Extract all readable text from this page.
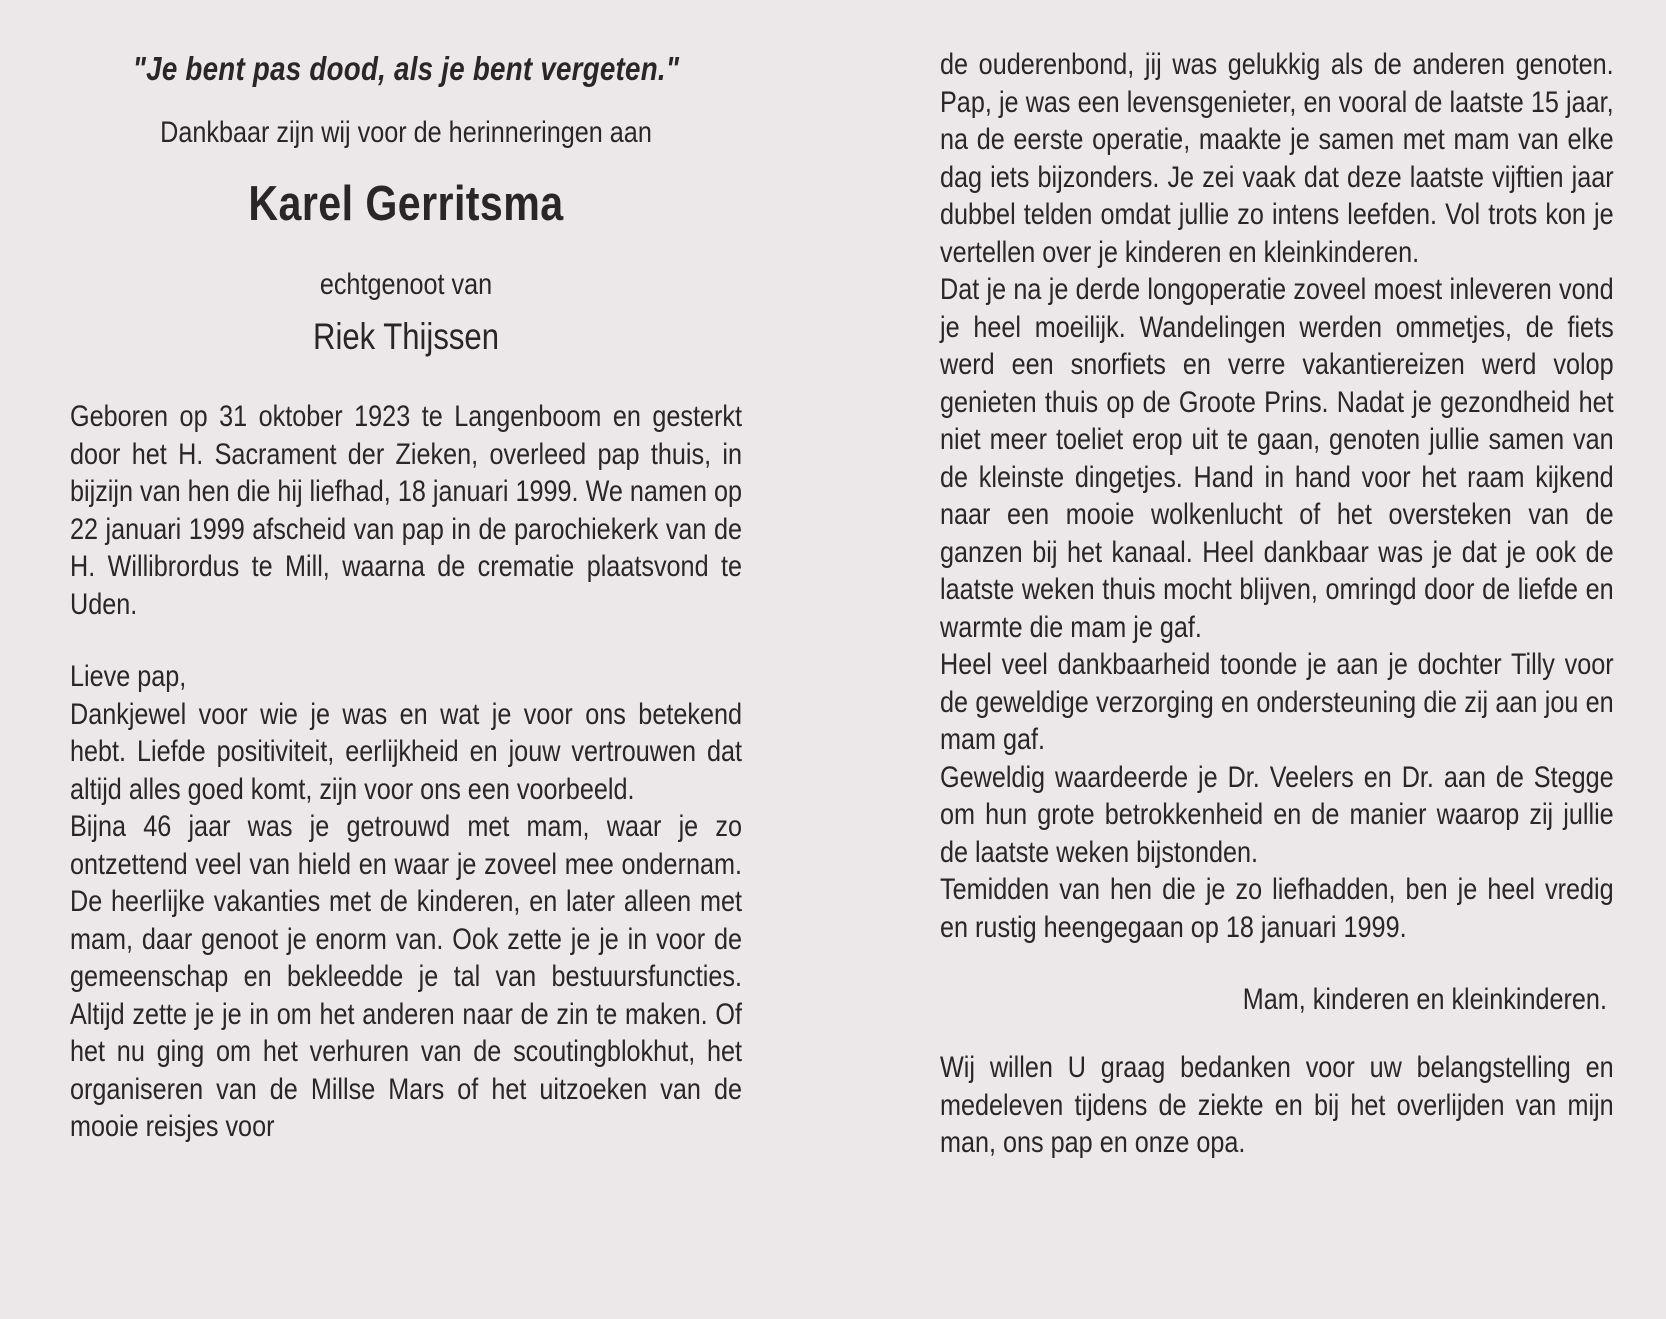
"Je bent pas dood, als je bent vergeten."

Dankbaar zijn wij voor de herinneringen aan

Karel Gerritsma

echtgenoot van

Riek Thijssen

Geboren op 31 oktober 1923 te Langenboom en gesterkt door het H. Sacrament der Zieken, overleed pap thuis, in bijzijn van hen die hij liefhad, 18 januari 1999. We namen op 22 januari 1999 afscheid van pap in de parochiekerk van de H. Willibrordus te Mill, waarna de crematie plaatsvond te Uden.

Lieve pap,

Dankjewel voor wie je was en wat je voor ons betekend hebt. Liefde positiviteit, eerlijkheid en jouw vertrouwen dat altijd alles goed komt, zijn voor ons een voorbeeld.

Bijna 46 jaar was je getrouwd met mam, waar je zo ontzettend veel van hield en waar je zoveel mee ondernam. De heerlijke vakanties met de kinderen, en later alleen met mam, daar genoot je enorm van. Ook zette je je in voor de gemeenschap en bekleedde je tal van bestuursfuncties. Altijd zette je je in om het anderen naar de zin te maken. Of het nu ging om het verhuren van de scoutingblokhut, het organiseren van de Millse Mars of het uitzoeken van de mooie reisjes voor

de ouderenbond, jij was gelukkig als de anderen genoten. Pap, je was een levensgenieter, en vooral de laatste 15 jaar, na de eerste operatie, maakte je samen met mam van elke dag iets bijzonders. Je zei vaak dat deze laatste vijftien jaar dubbel telden omdat jullie zo intens leefden. Vol trots kon je vertellen over je kinderen en kleinkinderen.

Dat je na je derde longoperatie zoveel moest inleveren vond je heel moeilijk. Wandelingen werden ommetjes, de fiets werd een snorfiets en verre vakantiereizen werd volop genieten thuis op de Groote Prins. Nadat je gezondheid het niet meer toeliet erop uit te gaan, genoten jullie samen van de kleinste dingetjes. Hand in hand voor het raam kijkend naar een mooie wolkenlucht of het oversteken van de ganzen bij het kanaal. Heel dankbaar was je dat je ook de laatste weken thuis mocht blijven, omringd door de liefde en warmte die mam je gaf.

Heel veel dankbaarheid toonde je aan je dochter Tilly voor de geweldige verzorging en ondersteuning die zij aan jou en mam gaf.

Geweldig waardeerde je Dr. Veelers en Dr. aan de Stegge om hun grote betrokkenheid en de manier waarop zij jullie de laatste weken bijstonden.

Temidden van hen die je zo liefhadden, ben je heel vredig en rustig heengegaan op 18 januari 1999.

Mam, kinderen en kleinkinderen.

Wij willen U graag bedanken voor uw belangstelling en medeleven tijdens de ziekte en bij het overlijden van mijn man, ons pap en onze opa.
